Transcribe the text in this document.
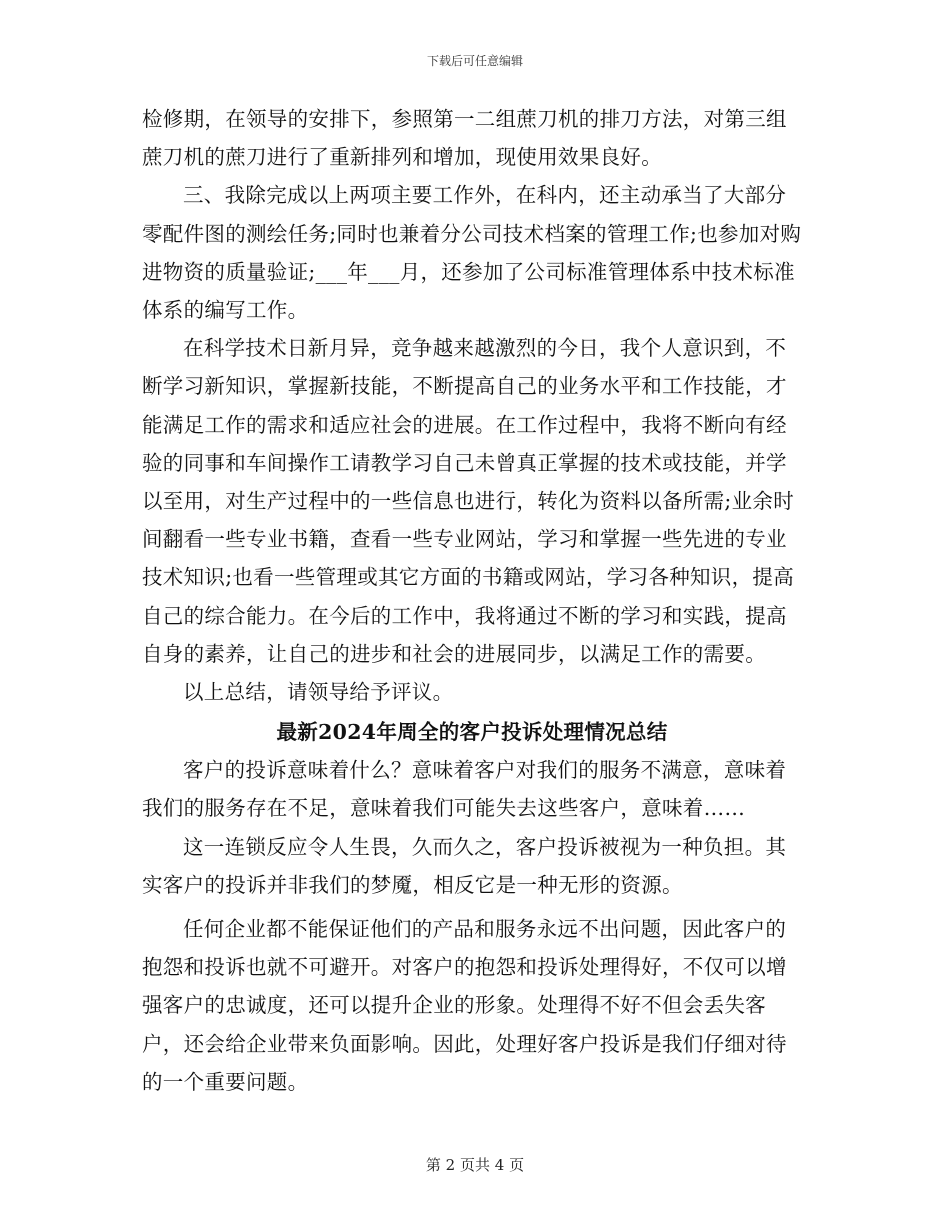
下载后可任意编辑

检修期，在领导的安排下，参照第一二组蔗刀机的排刀方法，对第三组蔗刀机的蔗刀进行了重新排列和增加，现使用效果良好。

三、我除完成以上两项主要工作外，在科内，还主动承当了大部分零配件图的测绘任务;同时也兼着分公司技术档案的管理工作;也参加对购进物资的质量验证;___年___月，还参加了公司标准管理体系中技术标准体系的编写工作。

在科学技术日新月异，竞争越来越激烈的今日，我个人意识到，不断学习新知识，掌握新技能，不断提高自己的业务水平和工作技能，才能满足工作的需求和适应社会的进展。在工作过程中，我将不断向有经验的同事和车间操作工请教学习自己未曾真正掌握的技术或技能，并学以至用，对生产过程中的一些信息也进行，转化为资料以备所需;业余时间翻看一些专业书籍，查看一些专业网站，学习和掌握一些先进的专业技术知识;也看一些管理或其它方面的书籍或网站，学习各种知识，提高自己的综合能力。在今后的工作中，我将通过不断的学习和实践，提高自身的素养，让自己的进步和社会的进展同步，以满足工作的需要。

以上总结，请领导给予评议。

最新2024年周全的客户投诉处理情况总结

客户的投诉意味着什么？意味着客户对我们的服务不满意，意味着我们的服务存在不足，意味着我们可能失去这些客户，意味着……

这一连锁反应令人生畏，久而久之，客户投诉被视为一种负担。其实客户的投诉并非我们的梦魇，相反它是一种无形的资源。

任何企业都不能保证他们的产品和服务永远不出问题，因此客户的抱怨和投诉也就不可避开。对客户的抱怨和投诉处理得好，不仅可以增强客户的忠诚度，还可以提升企业的形象。处理得不好不但会丢失客户，还会给企业带来负面影响。因此，处理好客户投诉是我们仔细对待的一个重要问题。

第 2 页共 4 页
